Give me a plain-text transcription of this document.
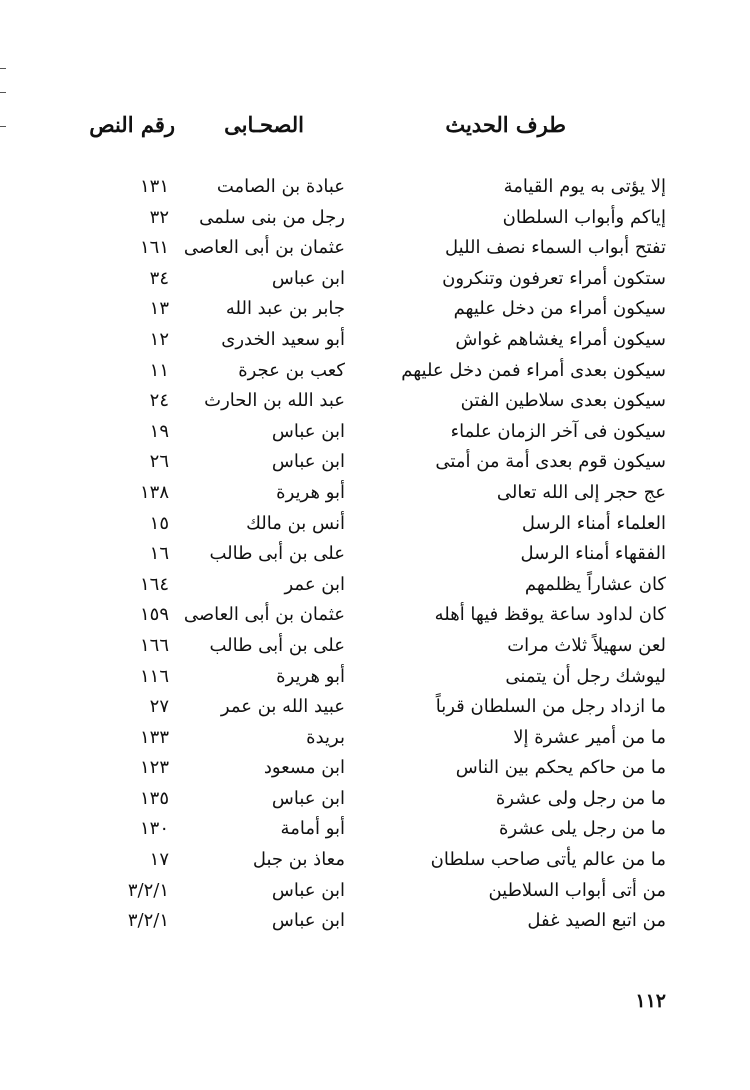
طرف الحديث
الصحـابى
رقم النص
إلا يؤتى به يوم القيامة
عبادة بن الصامت
١٣١
إياكم وأبواب السلطان
رجل من بنى سلمى
٣٢
تفتح أبواب السماء نصف الليل
عثمان بن أبى العاصى
١٦١
ستكون أمراء تعرفون وتنكرون
ابن عباس
٣٤
سيكون أمراء من دخل عليهم
جابر بن عبد الله
١٣
سيكون أمراء يغشاهم غواش
أبو سعيد الخدرى
١٢
سيكون بعدى أمراء فمن دخل عليهم
كعب بن عجرة
١١
سيكون بعدى سلاطين الفتن
عبد الله بن الحارث
٢٤
سيكون فى آخر الزمان علماء
ابن عباس
١٩
سيكون قوم بعدى أمة من أمتى
ابن عباس
٢٦
عج حجر إلى الله تعالى
أبو هريرة
١٣٨
العلماء أمناء الرسل
أنس بن مالك
١٥
الفقهاء أمناء الرسل
على بن أبى طالب
١٦
كان عشاراً يظلمهم
ابن عمر
١٦٤
كان لداود ساعة يوقظ فيها أهله
عثمان بن أبى العاصى
١٥٩
لعن سهيلاً ثلاث مرات
على بن أبى طالب
١٦٦
ليوشك رجل أن يتمنى
أبو هريرة
١١٦
ما ازداد رجل من السلطان قرباً
عبيد الله بن عمر
٢٧
ما من أمير عشرة إلا
بريدة
١٣٣
ما من حاكم يحكم بين الناس
ابن مسعود
١٢٣
ما من رجل ولى عشرة
ابن عباس
١٣٥
ما من رجل يلى عشرة
أبو أمامة
١٣٠
ما من عالم يأتى صاحب سلطان
معاذ بن جبل
١٧
من أتى أبواب السلاطين
ابن عباس
٣/٢/١
من اتبع الصيد غفل
ابن عباس
٣/٢/١
١١٢
